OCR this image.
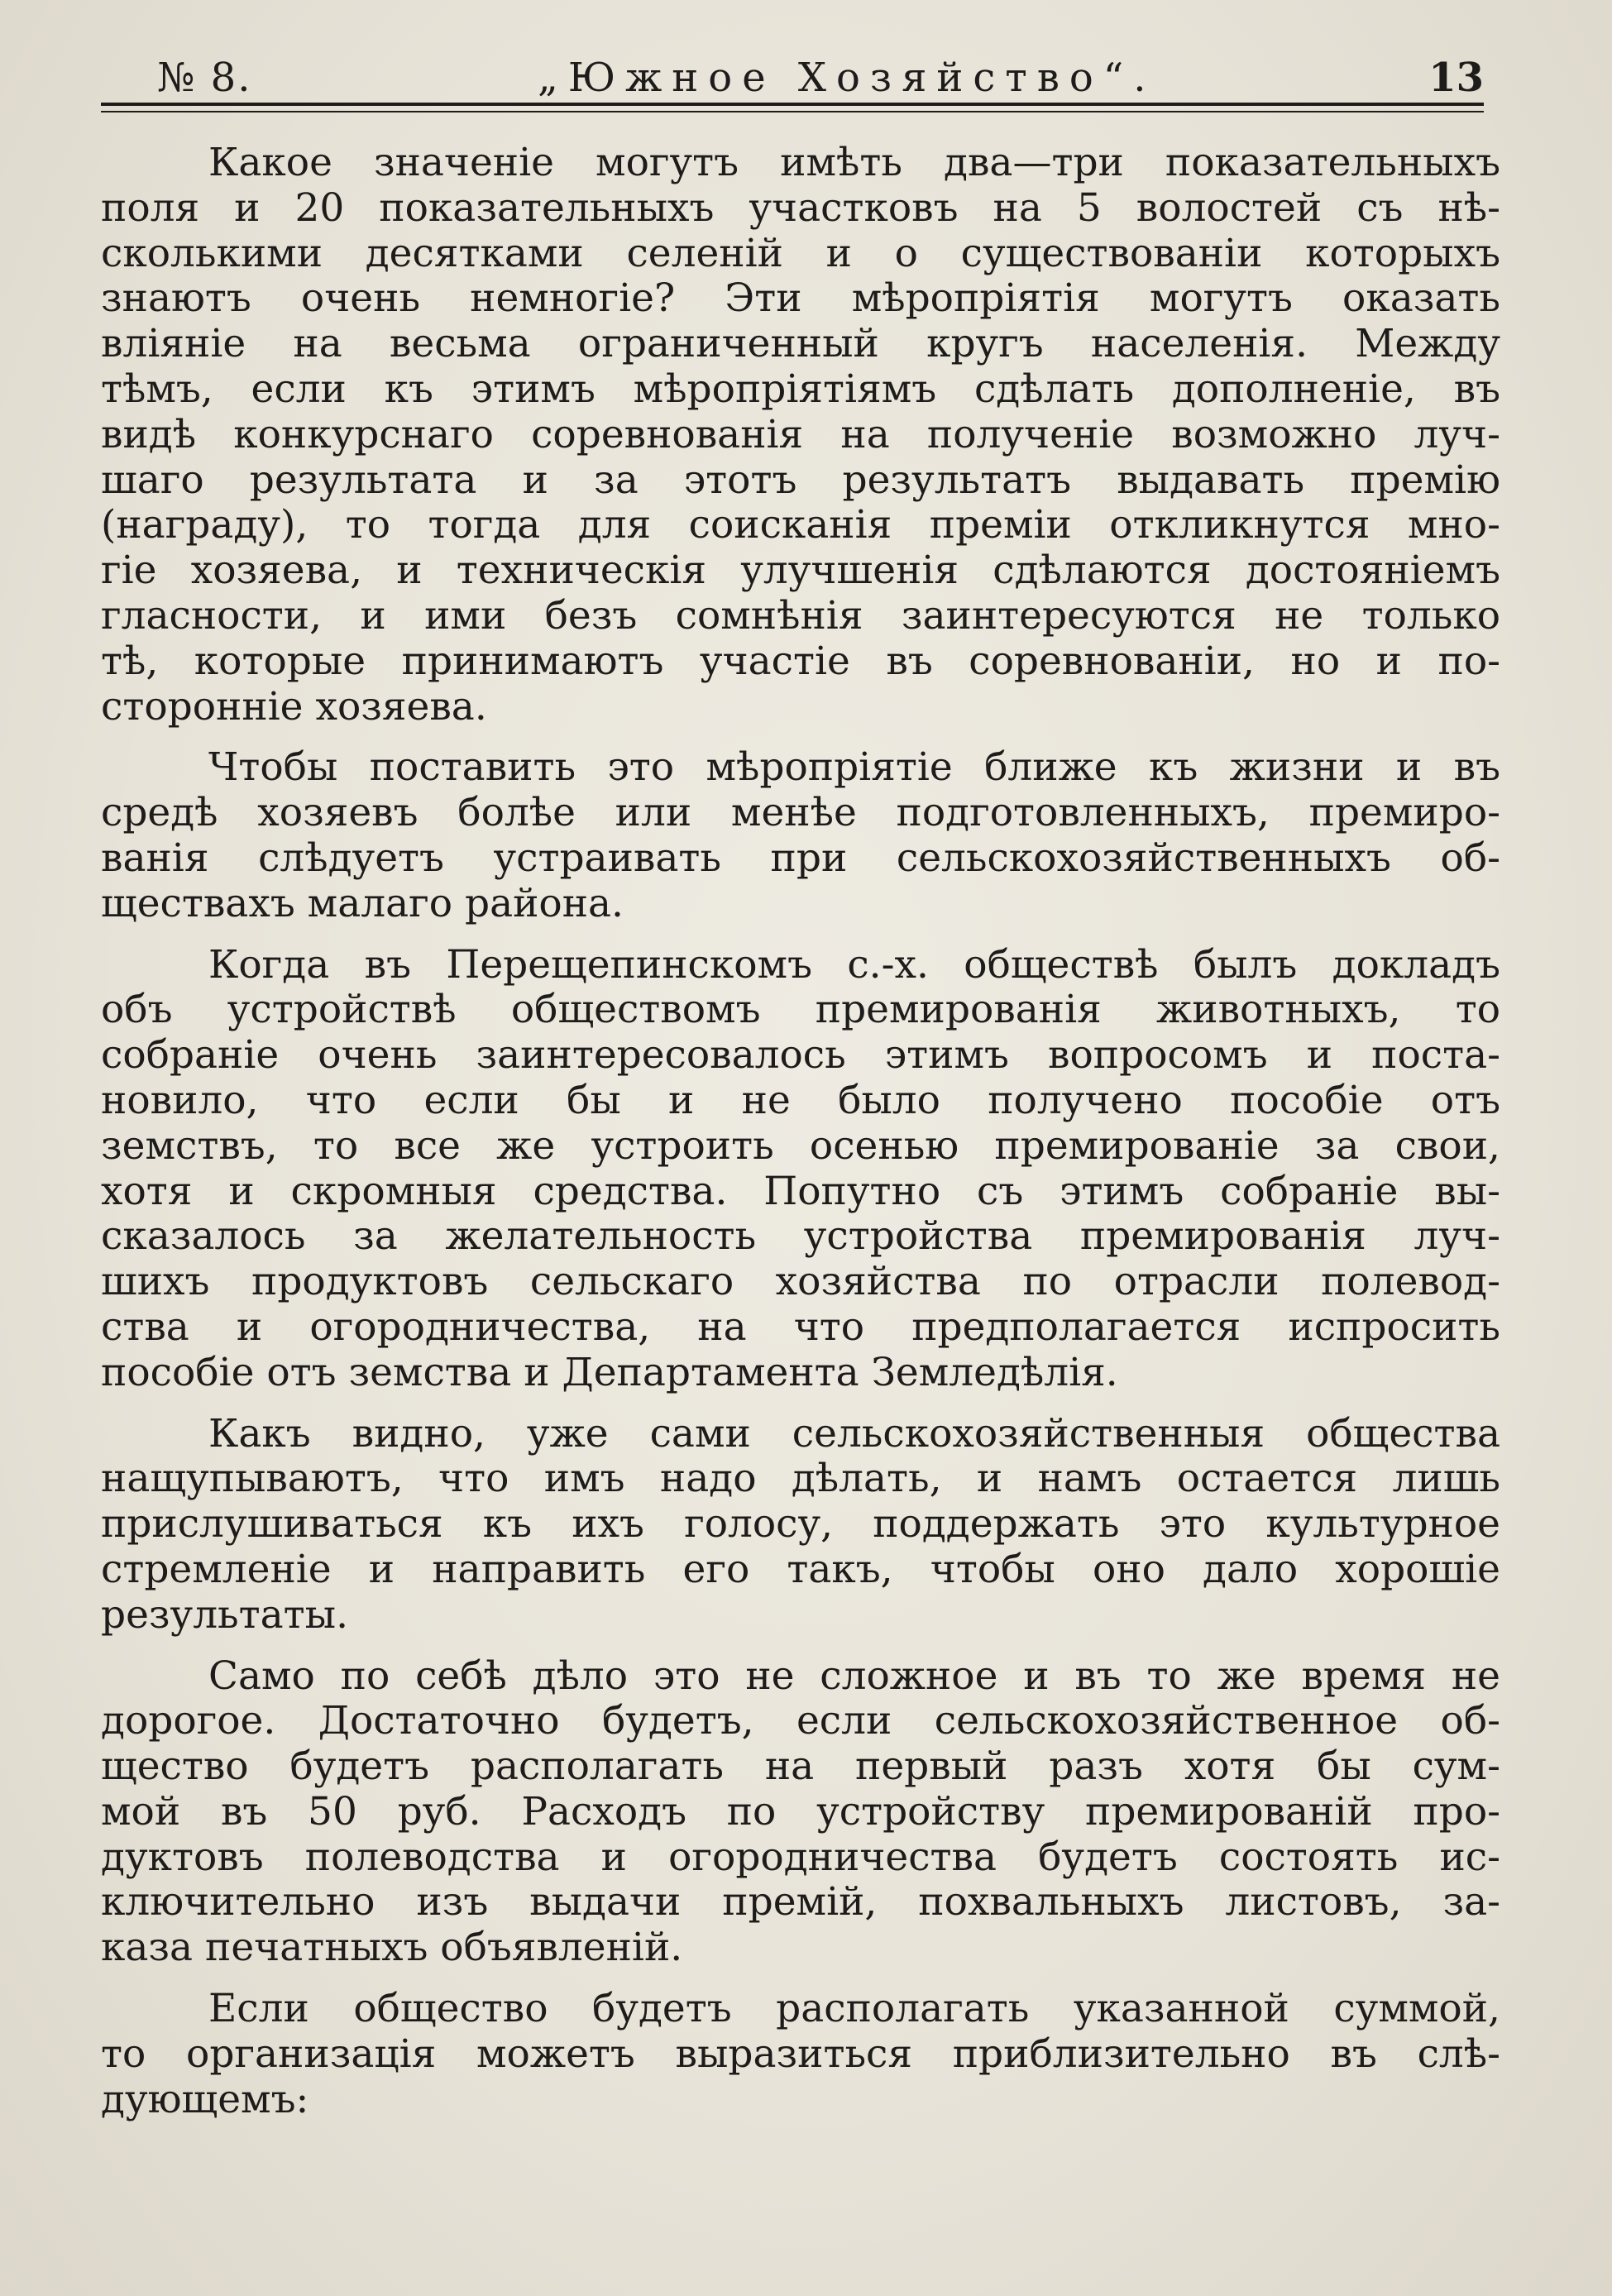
№ 8.	„Южное Хозяйство“.	13
Какое значеніе могутъ имѣть два—три показательныхъ
поля и 20 показательныхъ участковъ на 5 волостей съ нѣ-
сколькими десятками селеній и о существованіи которыхъ
знаютъ очень немногіе? Эти мѣропріятія могутъ оказать
вліяніе на весьма ограниченный кругъ населенія. Между
тѣмъ, если къ этимъ мѣропріятіямъ сдѣлать дополненіе, въ
видѣ конкурснаго соревнованія на полученіе возможно луч-
шаго результата и за этотъ результатъ выдавать премію
(награду), то тогда для соисканія преміи откликнутся мно-
гіе хозяева, и техническія улучшенія сдѣлаются достояніемъ
гласности, и ими безъ сомнѣнія заинтересуются не только
тѣ, которые принимаютъ участіе въ соревнованіи, но и по-
сторонніе хозяева.
Чтобы поставить это мѣропріятіе ближе къ жизни и въ
средѣ хозяевъ болѣе или менѣе подготовленныхъ, премиро-
ванія слѣдуетъ устраивать при сельскохозяйственныхъ об-
ществахъ малаго района.
Когда въ Перещепинскомъ с.-х. обществѣ былъ докладъ
объ устройствѣ обществомъ премированія животныхъ, то
собраніе очень заинтересовалось этимъ вопросомъ и поста-
новило, что если бы и не было получено пособіе отъ
земствъ, то все же устроить осенью премированіе за свои,
хотя и скромныя средства. Попутно съ этимъ собраніе вы-
сказалось за желательность устройства премированія луч-
шихъ продуктовъ сельскаго хозяйства по отрасли полевод-
ства и огородничества, на что предполагается испросить
пособіе отъ земства и Департамента Земледѣлія.
Какъ видно, уже сами сельскохозяйственныя общества
нащупываютъ, что имъ надо дѣлать, и намъ остается лишь
прислушиваться къ ихъ голосу, поддержать это культурное
стремленіе и направить его такъ, чтобы оно дало хорошіе
результаты.
Само по себѣ дѣло это не сложное и въ то же время не
дорогое. Достаточно будетъ, если сельскохозяйственное об-
щество будетъ располагать на первый разъ хотя бы сум-
мой въ 50 руб. Расходъ по устройству премированій про-
дуктовъ полеводства и огородничества будетъ состоять ис-
ключительно изъ выдачи премій, похвальныхъ листовъ, за-
каза печатныхъ объявленій.
Если общество будетъ располагать указанной суммой,
то организація можетъ выразиться приблизительно въ слѣ-
дующемъ:
